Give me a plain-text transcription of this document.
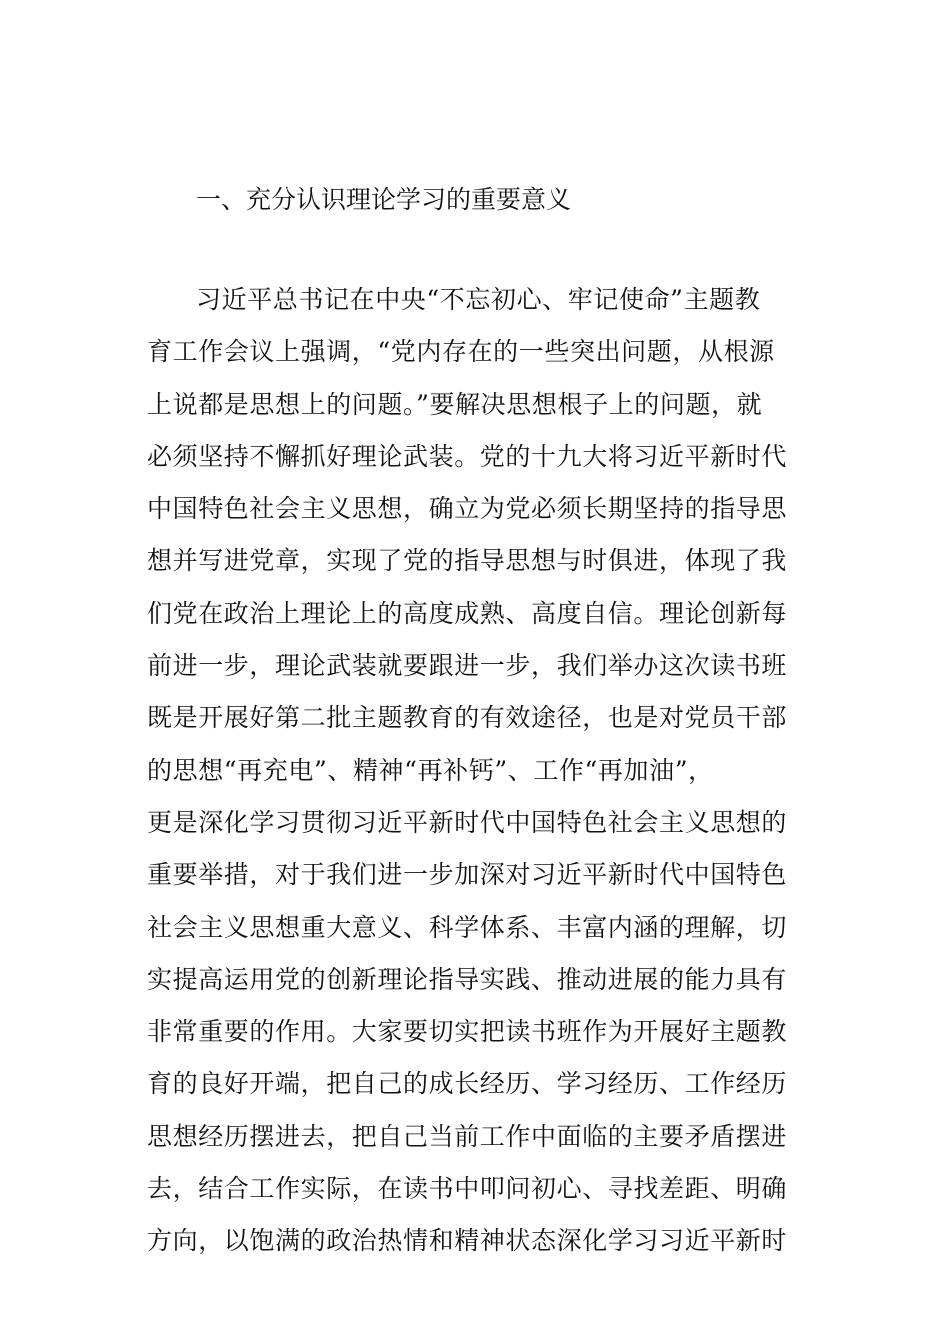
一、充分认识理论学习的重要意义
习近平总书记在中央“不忘初心、牢记使命”主题教
育工作会议上强调，“党内存在的一些突出问题，从根源
上说都是思想上的问题。”要解决思想根子上的问题，就
必须坚持不懈抓好理论武装。党的十九大将习近平新时代
中国特色社会主义思想，确立为党必须长期坚持的指导思
想并写进党章，实现了党的指导思想与时俱进，体现了我
们党在政治上理论上的高度成熟、高度自信。理论创新每
前进一步，理论武装就要跟进一步，我们举办这次读书班
既是开展好第二批主题教育的有效途径，也是对党员干部
的思想“再充电”、精神“再补钙”、工作“再加油”，
更是深化学习贯彻习近平新时代中国特色社会主义思想的
重要举措，对于我们进一步加深对习近平新时代中国特色
社会主义思想重大意义、科学体系、丰富内涵的理解，切
实提高运用党的创新理论指导实践、推动进展的能力具有
非常重要的作用。大家要切实把读书班作为开展好主题教
育的良好开端，把自己的成长经历、学习经历、工作经历
思想经历摆进去，把自己当前工作中面临的主要矛盾摆进
去，结合工作实际，在读书中叩问初心、寻找差距、明确
方向，以饱满的政治热情和精神状态深化学习习近平新时
